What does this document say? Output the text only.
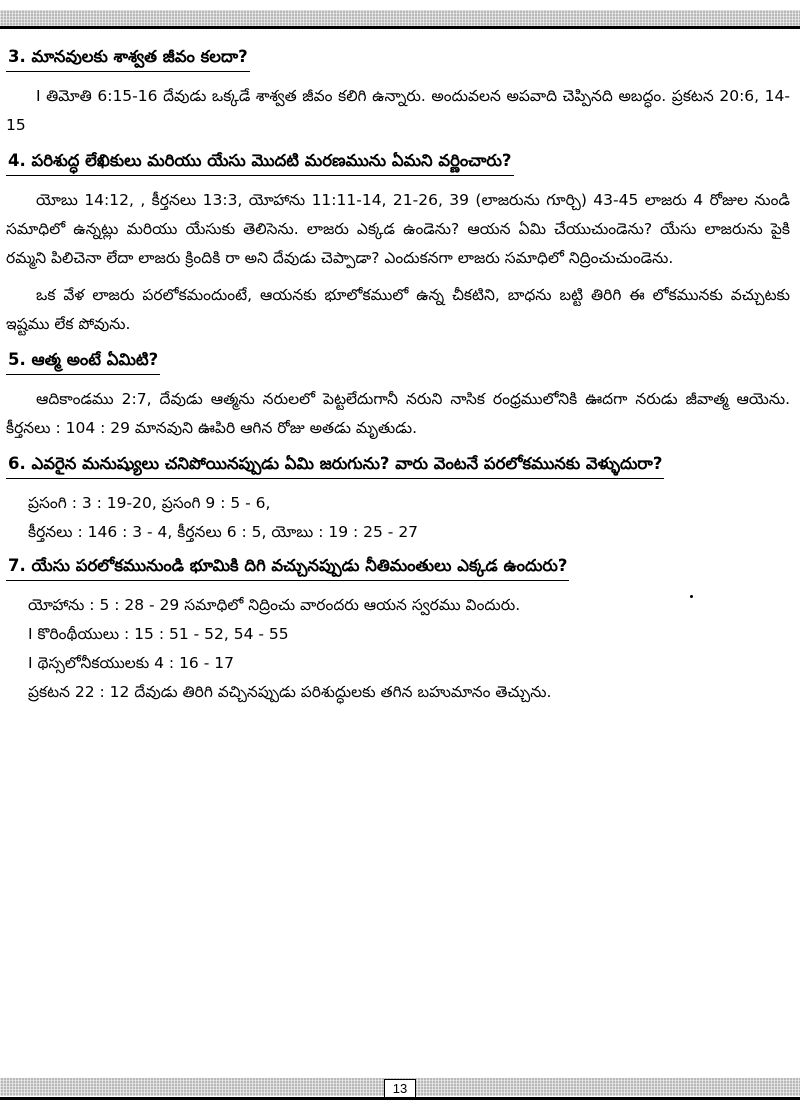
3. మానవులకు శాశ్వత జీవం కలదా?

I తిమోతి 6:15-16 దేవుడు ఒక్కడే శాశ్వత జీవం కలిగి ఉన్నారు. అందువలన అపవాది చెప్పినది అబద్ధం. ప్రకటన 20:6, 14-15

4. పరిశుద్ధ లేఖికులు మరియు యేసు మొదటి మరణమును ఏమని వర్ణించారు?

యోబు 14:12, , కీర్తనలు 13:3, యోహాను 11:11-14, 21-26, 39 (లాజరును గూర్చి) 43-45 లాజరు 4 రోజుల నుండి సమాధిలో ఉన్నట్లు మరియు యేసుకు తెలిసెను. లాజరు ఎక్కడ ఉండెను? ఆయన ఏమి చేయుచుండెను? యేసు లాజరును పైకి రమ్మని పిలిచెనా లేదా లాజరు క్రిందికి రా అని దేవుడు చెప్పాడా? ఎందుకనగా లాజరు సమాధిలో నిద్రించుచుండెను.

ఒక వేళ లాజరు పరలోకమందుంటే, ఆయనకు భూలోకములో ఉన్న చీకటిని, బాధను బట్టి తిరిగి ఈ లోకమునకు వచ్చుటకు ఇష్టము లేక పోవును.

5. ఆత్మ అంటే ఏమిటి?

ఆదికాండము 2:7, దేవుడు ఆత్మను నరులలో పెట్టలేదుగానీ నరుని నాసిక రంధ్రములోనికి ఊదగా నరుడు జీవాత్మ ఆయెను. కీర్తనలు : 104 : 29 మానవుని ఊపిరి ఆగిన రోజు అతడు మృతుడు.

6. ఎవరైన మనుష్యులు చనిపోయినప్పుడు ఏమి జరుగును? వారు వెంటనే పరలోకమునకు వెళ్ళుదురా?

ప్రసంగి : 3 : 19-20, ప్రసంగి 9 : 5 - 6,

కీర్తనలు : 146 : 3 - 4, కీర్తనలు 6 : 5, యోబు : 19 : 25 - 27

7. యేసు పరలోకమునుండి భూమికి దిగి వచ్చునప్పుడు నీతిమంతులు ఎక్కడ ఉందురు?

యోహాను : 5 : 28 - 29 సమాధిలో నిద్రించు వారందరు ఆయన స్వరము విందురు.

I కొరింథీయులు : 15 : 51 - 52, 54 - 55

I థెస్సలోనీకయులకు 4 : 16 - 17

ప్రకటన 22 : 12 దేవుడు తిరిగి వచ్చినప్పుడు పరిశుద్ధులకు తగిన బహుమానం తెచ్చును.

13
